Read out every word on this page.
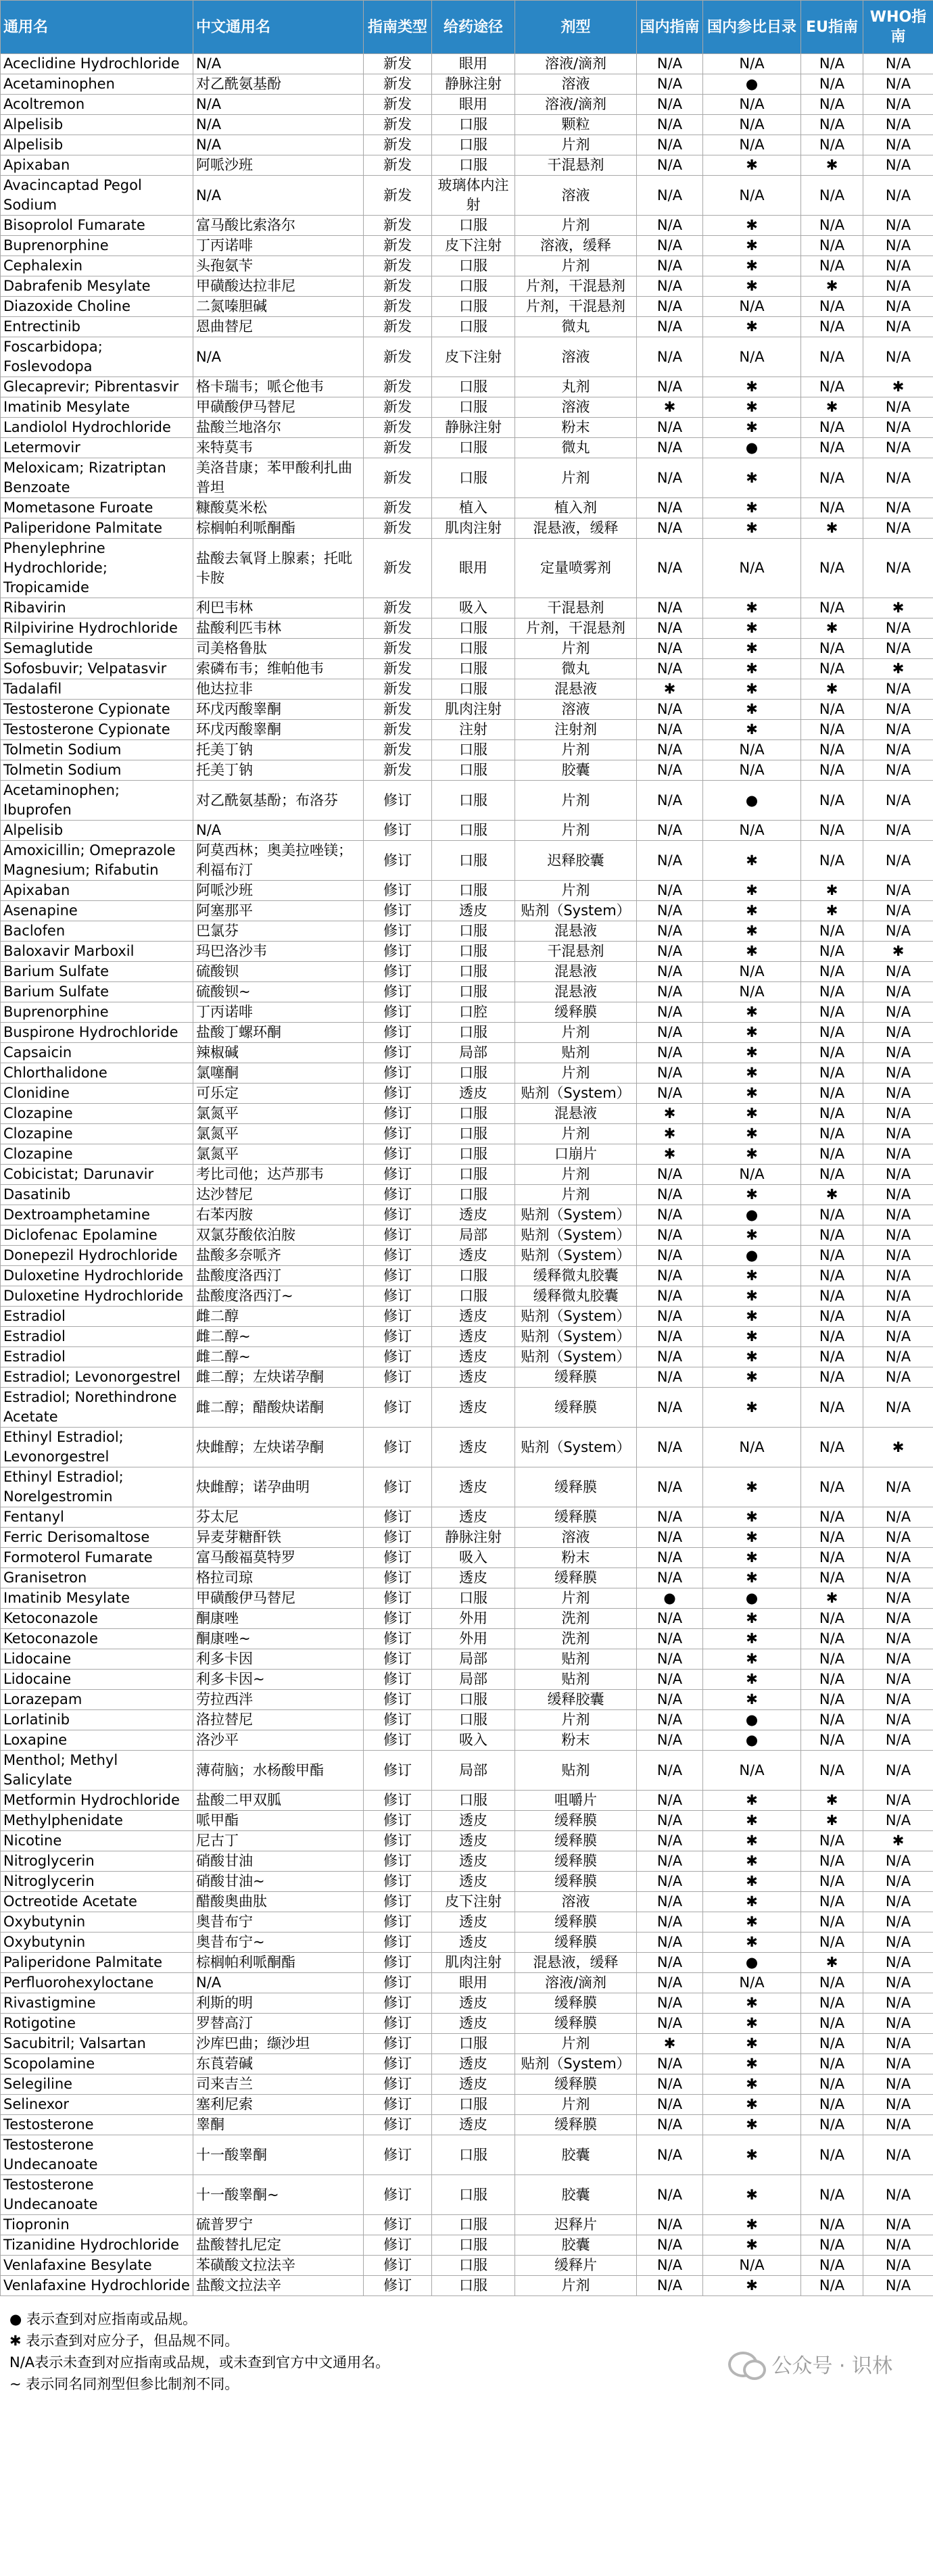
通用名	中文通用名	指南类型	给药途径	剂型	国内指南	国内参比目录	EU指南	WHO指南
Aceclidine Hydrochloride	N/A	新发	眼用	溶液/滴剂	N/A	N/A	N/A	N/A
Acetaminophen	对乙酰氨基酚	新发	静脉注射	溶液	N/A	●	N/A	N/A
Acoltremon	N/A	新发	眼用	溶液/滴剂	N/A	N/A	N/A	N/A
Alpelisib	N/A	新发	口服	颗粒	N/A	N/A	N/A	N/A
Alpelisib	N/A	新发	口服	片剂	N/A	N/A	N/A	N/A
Apixaban	阿哌沙班	新发	口服	干混悬剂	N/A	✱	✱	N/A
Avacincaptad Pegol Sodium	N/A	新发	玻璃体内注射	溶液	N/A	N/A	N/A	N/A
Bisoprolol Fumarate	富马酸比索洛尔	新发	口服	片剂	N/A	✱	N/A	N/A
Buprenorphine	丁丙诺啡	新发	皮下注射	溶液，缓释	N/A	✱	N/A	N/A
Cephalexin	头孢氨苄	新发	口服	片剂	N/A	✱	N/A	N/A
Dabrafenib Mesylate	甲磺酸达拉非尼	新发	口服	片剂，干混悬剂	N/A	✱	✱	N/A
Diazoxide Choline	二氮嗪胆碱	新发	口服	片剂，干混悬剂	N/A	N/A	N/A	N/A
Entrectinib	恩曲替尼	新发	口服	微丸	N/A	✱	N/A	N/A
Foscarbidopa; Foslevodopa	N/A	新发	皮下注射	溶液	N/A	N/A	N/A	N/A
Glecaprevir; Pibrentasvir	格卡瑞韦；哌仑他韦	新发	口服	丸剂	N/A	✱	N/A	✱
Imatinib Mesylate	甲磺酸伊马替尼	新发	口服	溶液	✱	✱	✱	N/A
Landiolol Hydrochloride	盐酸兰地洛尔	新发	静脉注射	粉末	N/A	✱	N/A	N/A
Letermovir	来特莫韦	新发	口服	微丸	N/A	●	N/A	N/A
Meloxicam; Rizatriptan Benzoate	美洛昔康；苯甲酸利扎曲普坦	新发	口服	片剂	N/A	✱	N/A	N/A
Mometasone Furoate	糠酸莫米松	新发	植入	植入剂	N/A	✱	N/A	N/A
Paliperidone Palmitate	棕榈帕利哌酮酯	新发	肌肉注射	混悬液，缓释	N/A	✱	✱	N/A
Phenylephrine Hydrochloride; Tropicamide	盐酸去氧肾上腺素；托吡卡胺	新发	眼用	定量喷雾剂	N/A	N/A	N/A	N/A
Ribavirin	利巴韦林	新发	吸入	干混悬剂	N/A	✱	N/A	✱
Rilpivirine Hydrochloride	盐酸利匹韦林	新发	口服	片剂，干混悬剂	N/A	✱	✱	N/A
Semaglutide	司美格鲁肽	新发	口服	片剂	N/A	✱	N/A	N/A
Sofosbuvir; Velpatasvir	索磷布韦；维帕他韦	新发	口服	微丸	N/A	✱	N/A	✱
Tadalafil	他达拉非	新发	口服	混悬液	✱	✱	✱	N/A
Testosterone Cypionate	环戊丙酸睾酮	新发	肌肉注射	溶液	N/A	✱	N/A	N/A
Testosterone Cypionate	环戊丙酸睾酮	新发	注射	注射剂	N/A	✱	N/A	N/A
Tolmetin Sodium	托美丁钠	新发	口服	片剂	N/A	N/A	N/A	N/A
Tolmetin Sodium	托美丁钠	新发	口服	胶囊	N/A	N/A	N/A	N/A
Acetaminophen; Ibuprofen	对乙酰氨基酚；布洛芬	修订	口服	片剂	N/A	●	N/A	N/A
Alpelisib	N/A	修订	口服	片剂	N/A	N/A	N/A	N/A
Amoxicillin; Omeprazole Magnesium; Rifabutin	阿莫西林；奥美拉唑镁；利福布汀	修订	口服	迟释胶囊	N/A	✱	N/A	N/A
Apixaban	阿哌沙班	修订	口服	片剂	N/A	✱	✱	N/A
Asenapine	阿塞那平	修订	透皮	贴剂（System）	N/A	✱	✱	N/A
Baclofen	巴氯芬	修订	口服	混悬液	N/A	✱	N/A	N/A
Baloxavir Marboxil	玛巴洛沙韦	修订	口服	干混悬剂	N/A	✱	N/A	✱
Barium Sulfate	硫酸钡	修订	口服	混悬液	N/A	N/A	N/A	N/A
Barium Sulfate	硫酸钡~	修订	口服	混悬液	N/A	N/A	N/A	N/A
Buprenorphine	丁丙诺啡	修订	口腔	缓释膜	N/A	✱	N/A	N/A
Buspirone Hydrochloride	盐酸丁螺环酮	修订	口服	片剂	N/A	✱	N/A	N/A
Capsaicin	辣椒碱	修订	局部	贴剂	N/A	✱	N/A	N/A
Chlorthalidone	氯噻酮	修订	口服	片剂	N/A	✱	N/A	N/A
Clonidine	可乐定	修订	透皮	贴剂（System）	N/A	✱	N/A	N/A
Clozapine	氯氮平	修订	口服	混悬液	✱	✱	N/A	N/A
Clozapine	氯氮平	修订	口服	片剂	✱	✱	N/A	N/A
Clozapine	氯氮平	修订	口服	口崩片	✱	✱	N/A	N/A
Cobicistat; Darunavir	考比司他；达芦那韦	修订	口服	片剂	N/A	N/A	N/A	N/A
Dasatinib	达沙替尼	修订	口服	片剂	N/A	✱	✱	N/A
Dextroamphetamine	右苯丙胺	修订	透皮	贴剂（System）	N/A	●	N/A	N/A
Diclofenac Epolamine	双氯芬酸依泊胺	修订	局部	贴剂（System）	N/A	✱	N/A	N/A
Donepezil Hydrochloride	盐酸多奈哌齐	修订	透皮	贴剂（System）	N/A	●	N/A	N/A
Duloxetine Hydrochloride	盐酸度洛西汀	修订	口服	缓释微丸胶囊	N/A	✱	N/A	N/A
Duloxetine Hydrochloride	盐酸度洛西汀~	修订	口服	缓释微丸胶囊	N/A	✱	N/A	N/A
Estradiol	雌二醇	修订	透皮	贴剂（System）	N/A	✱	N/A	N/A
Estradiol	雌二醇~	修订	透皮	贴剂（System）	N/A	✱	N/A	N/A
Estradiol	雌二醇~	修订	透皮	贴剂（System）	N/A	✱	N/A	N/A
Estradiol; Levonorgestrel	雌二醇；左炔诺孕酮	修订	透皮	缓释膜	N/A	✱	N/A	N/A
Estradiol; Norethindrone Acetate	雌二醇；醋酸炔诺酮	修订	透皮	缓释膜	N/A	✱	N/A	N/A
Ethinyl Estradiol; Levonorgestrel	炔雌醇；左炔诺孕酮	修订	透皮	贴剂（System）	N/A	N/A	N/A	✱
Ethinyl Estradiol; Norelgestromin	炔雌醇；诺孕曲明	修订	透皮	缓释膜	N/A	✱	N/A	N/A
Fentanyl	芬太尼	修订	透皮	缓释膜	N/A	✱	N/A	N/A
Ferric Derisomaltose	异麦芽糖酐铁	修订	静脉注射	溶液	N/A	✱	N/A	N/A
Formoterol Fumarate	富马酸福莫特罗	修订	吸入	粉末	N/A	✱	N/A	N/A
Granisetron	格拉司琼	修订	透皮	缓释膜	N/A	✱	N/A	N/A
Imatinib Mesylate	甲磺酸伊马替尼	修订	口服	片剂	●	●	✱	N/A
Ketoconazole	酮康唑	修订	外用	洗剂	N/A	✱	N/A	N/A
Ketoconazole	酮康唑~	修订	外用	洗剂	N/A	✱	N/A	N/A
Lidocaine	利多卡因	修订	局部	贴剂	N/A	✱	N/A	N/A
Lidocaine	利多卡因~	修订	局部	贴剂	N/A	✱	N/A	N/A
Lorazepam	劳拉西泮	修订	口服	缓释胶囊	N/A	✱	N/A	N/A
Lorlatinib	洛拉替尼	修订	口服	片剂	N/A	●	N/A	N/A
Loxapine	洛沙平	修订	吸入	粉末	N/A	●	N/A	N/A
Menthol; Methyl Salicylate	薄荷脑；水杨酸甲酯	修订	局部	贴剂	N/A	N/A	N/A	N/A
Metformin Hydrochloride	盐酸二甲双胍	修订	口服	咀嚼片	N/A	✱	✱	N/A
Methylphenidate	哌甲酯	修订	透皮	缓释膜	N/A	✱	✱	N/A
Nicotine	尼古丁	修订	透皮	缓释膜	N/A	✱	N/A	✱
Nitroglycerin	硝酸甘油	修订	透皮	缓释膜	N/A	✱	N/A	N/A
Nitroglycerin	硝酸甘油~	修订	透皮	缓释膜	N/A	✱	N/A	N/A
Octreotide Acetate	醋酸奥曲肽	修订	皮下注射	溶液	N/A	✱	N/A	N/A
Oxybutynin	奥昔布宁	修订	透皮	缓释膜	N/A	✱	N/A	N/A
Oxybutynin	奥昔布宁~	修订	透皮	缓释膜	N/A	✱	N/A	N/A
Paliperidone Palmitate	棕榈帕利哌酮酯	修订	肌肉注射	混悬液，缓释	N/A	●	✱	N/A
Perfluorohexyloctane	N/A	修订	眼用	溶液/滴剂	N/A	N/A	N/A	N/A
Rivastigmine	利斯的明	修订	透皮	缓释膜	N/A	✱	N/A	N/A
Rotigotine	罗替高汀	修订	透皮	缓释膜	N/A	✱	N/A	N/A
Sacubitril; Valsartan	沙库巴曲；缬沙坦	修订	口服	片剂	✱	✱	N/A	N/A
Scopolamine	东莨菪碱	修订	透皮	贴剂（System）	N/A	✱	N/A	N/A
Selegiline	司来吉兰	修订	透皮	缓释膜	N/A	✱	N/A	N/A
Selinexor	塞利尼索	修订	口服	片剂	N/A	✱	N/A	N/A
Testosterone	睾酮	修订	透皮	缓释膜	N/A	✱	N/A	N/A
Testosterone Undecanoate	十一酸睾酮	修订	口服	胶囊	N/A	✱	N/A	N/A
Testosterone Undecanoate	十一酸睾酮~	修订	口服	胶囊	N/A	✱	N/A	N/A
Tiopronin	硫普罗宁	修订	口服	迟释片	N/A	✱	N/A	N/A
Tizanidine Hydrochloride	盐酸替扎尼定	修订	口服	胶囊	N/A	✱	N/A	N/A
Venlafaxine Besylate	苯磺酸文拉法辛	修订	口服	缓释片	N/A	N/A	N/A	N/A
Venlafaxine Hydrochloride	盐酸文拉法辛	修订	口服	片剂	N/A	✱	N/A	N/A
● 表示查到对应指南或品规。
✱ 表示查到对应分子，但品规不同。
N/A表示未查到对应指南或品规，或未查到官方中文通用名。
~ 表示同名同剂型但参比制剂不同。
公众号 · 识林
